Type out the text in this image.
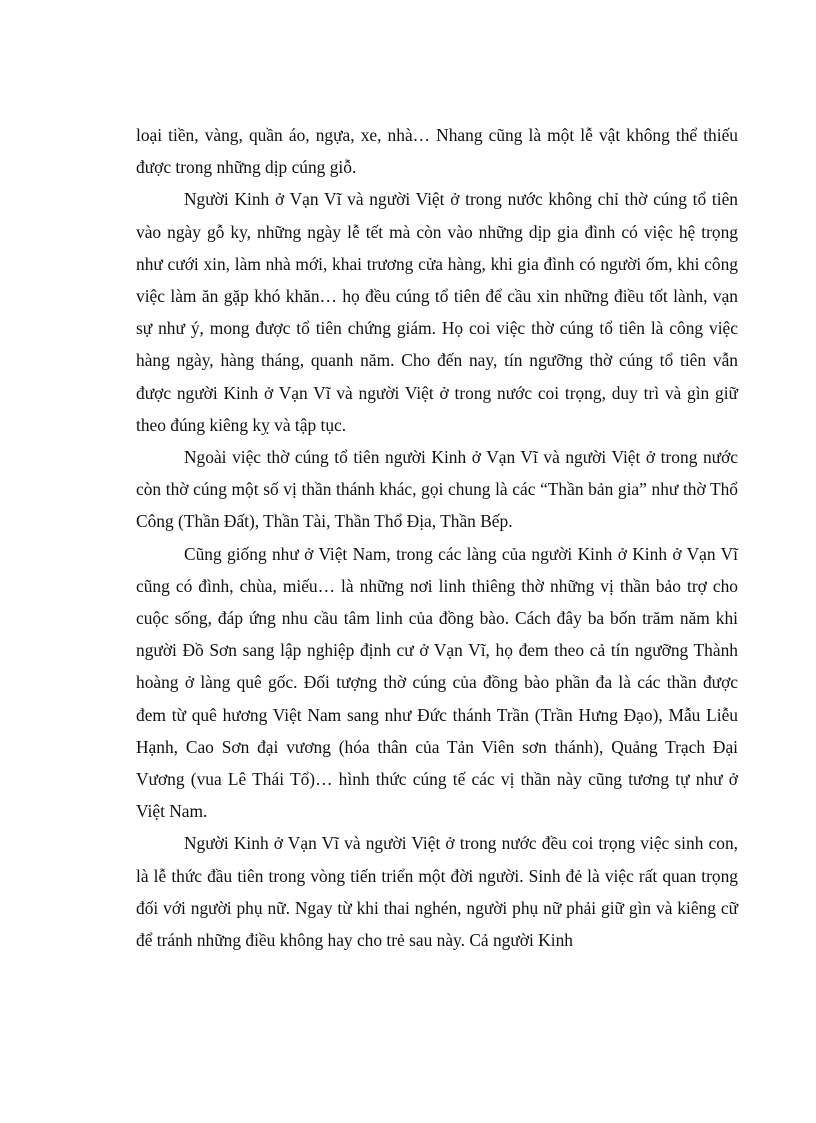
loại tiền, vàng, quần áo, ngựa, xe, nhà… Nhang cũng là một lễ vật không thể thiếu được trong những dịp cúng giỗ.

Người Kinh ở Vạn Vĩ và người Việt ở trong nước không chỉ thờ cúng tổ tiên vào ngày gỗ ky, những ngày lễ tết mà còn vào những dịp gia đình có việc hệ trọng như cưới xin, làm nhà mới, khai trương cửa hàng, khi gia đình có người ốm, khi công việc làm ăn gặp khó khăn… họ đều cúng tổ tiên để cầu xin những điều tốt lành, vạn sự như ý, mong được tổ tiên chứng giám. Họ coi việc thờ cúng tổ tiên là công việc hàng ngày, hàng tháng, quanh năm. Cho đến nay, tín ngưỡng thờ cúng tổ tiên vẫn được người Kinh ở Vạn Vĩ và người Việt ở trong nước coi trọng, duy trì và gìn giữ theo đúng kiêng kỵ và tập tục.

Ngoài việc thờ cúng tổ tiên người Kinh ở Vạn Vĩ và người Việt ở trong nước còn thờ cúng một số vị thần thánh khác, gọi chung là các “Thần bản gia” như thờ Thổ Công (Thần Đất), Thần Tài, Thần Thổ Địa, Thần Bếp.

Cũng giống như ở Việt Nam, trong các làng của người Kinh ở Kinh ở Vạn Vĩ cũng có đình, chùa, miếu… là những nơi linh thiêng thờ những vị thần bảo trợ cho cuộc sống, đáp ứng nhu cầu tâm linh của đồng bào. Cách đây ba bốn trăm năm khi người Đồ Sơn sang lập nghiệp định cư ở Vạn Vĩ, họ đem theo cả tín ngưỡng Thành hoàng ở làng quê gốc. Đối tượng thờ cúng của đồng bào phần đa là các thần được đem từ quê hương Việt Nam sang như Đức thánh Trần (Trần Hưng Đạo), Mẫu Liễu Hạnh, Cao Sơn đại vương (hóa thân của Tản Viên sơn thánh), Quảng Trạch Đại Vương (vua Lê Thái Tổ)… hình thức cúng tế các vị thần này cũng tương tự như ở Việt Nam.

Người Kinh ở Vạn Vĩ và người Việt ở trong nước đều coi trọng việc sinh con, là lễ thức đầu tiên trong vòng tiến triển một đời người. Sinh đẻ là việc rất quan trọng đối với người phụ nữ. Ngay từ khi thai nghén, người phụ nữ phải giữ gìn và kiêng cữ để tránh những điều không hay cho trẻ sau này. Cả người Kinh
